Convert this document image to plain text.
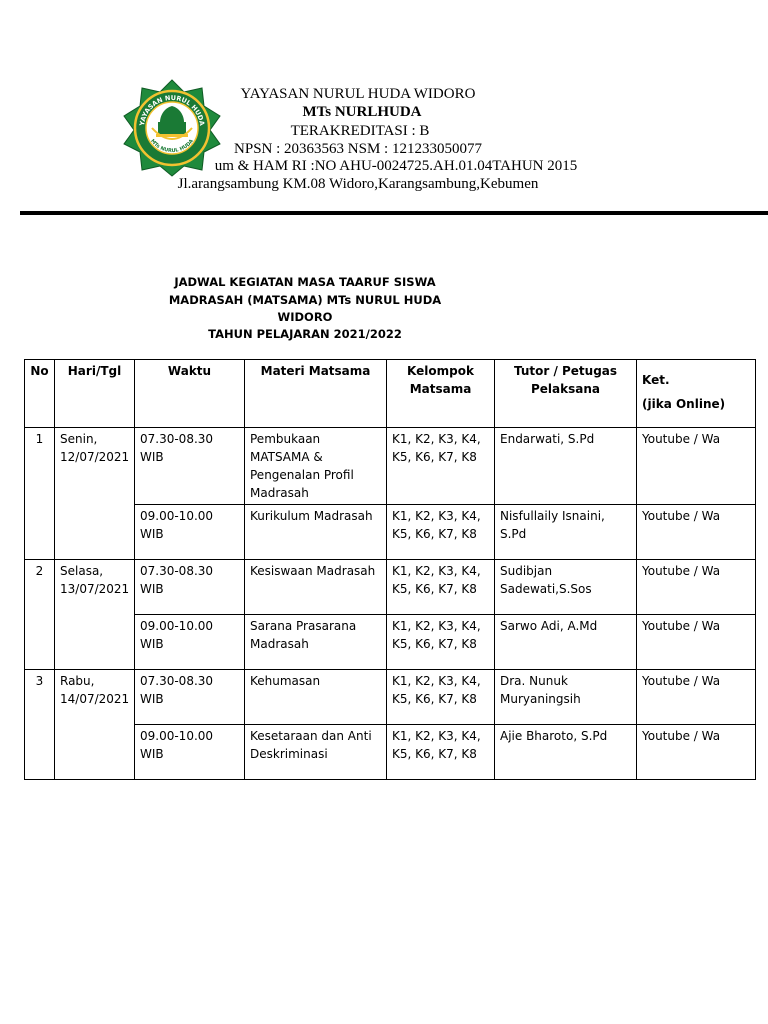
YAYASAN NURUL HUDA
MTs NURUL HUDA
YAYASAN NURUL HUDA WIDORO
MTs NURLHUDA
TERAKREDITASI : B
NPSN : 20363563 NSM : 121233050077
um & HAM RI :NO AHU-0024725.AH.01.04TAHUN 2015
Jl.arangsambung KM.08 Widoro,Karangsambung,Kebumen
JADWAL KEGIATAN MASA TAARUF SISWA
MADRASAH (MATSAMA) MTs NURUL HUDA
WIDORO
TAHUN PELAJARAN 2021/2022
No	Hari/Tgl	Waktu	Materi Matsama	Kelompok Matsama	Tutor / Petugas Pelaksana	Ket.
(jika Online)

1	Senin, 12/07/2021	07.30-08.30 WIB	Pembukaan MATSAMA & Pengenalan Profil Madrasah	K1, K2, K3, K4, K5, K6, K7, K8	Endarwati, S.Pd	Youtube / Wa
		09.00-10.00 WIB	Kurikulum Madrasah	K1, K2, K3, K4, K5, K6, K7, K8	Nisfullaily Isnaini, S.Pd	Youtube / Wa
2	Selasa, 13/07/2021	07.30-08.30 WIB	Kesiswaan Madrasah	K1, K2, K3, K4, K5, K6, K7, K8	Sudibjan Sadewati,S.Sos	Youtube / Wa
		09.00-10.00 WIB	Sarana Prasarana Madrasah	K1, K2, K3, K4, K5, K6, K7, K8	Sarwo Adi, A.Md	Youtube / Wa
3	Rabu, 14/07/2021	07.30-08.30 WIB	Kehumasan	K1, K2, K3, K4, K5, K6, K7, K8	Dra. Nunuk Muryaningsih	Youtube / Wa
		09.00-10.00 WIB	Kesetaraan dan Anti Deskriminasi	K1, K2, K3, K4, K5, K6, K7, K8	Ajie Bharoto, S.Pd	Youtube / Wa
